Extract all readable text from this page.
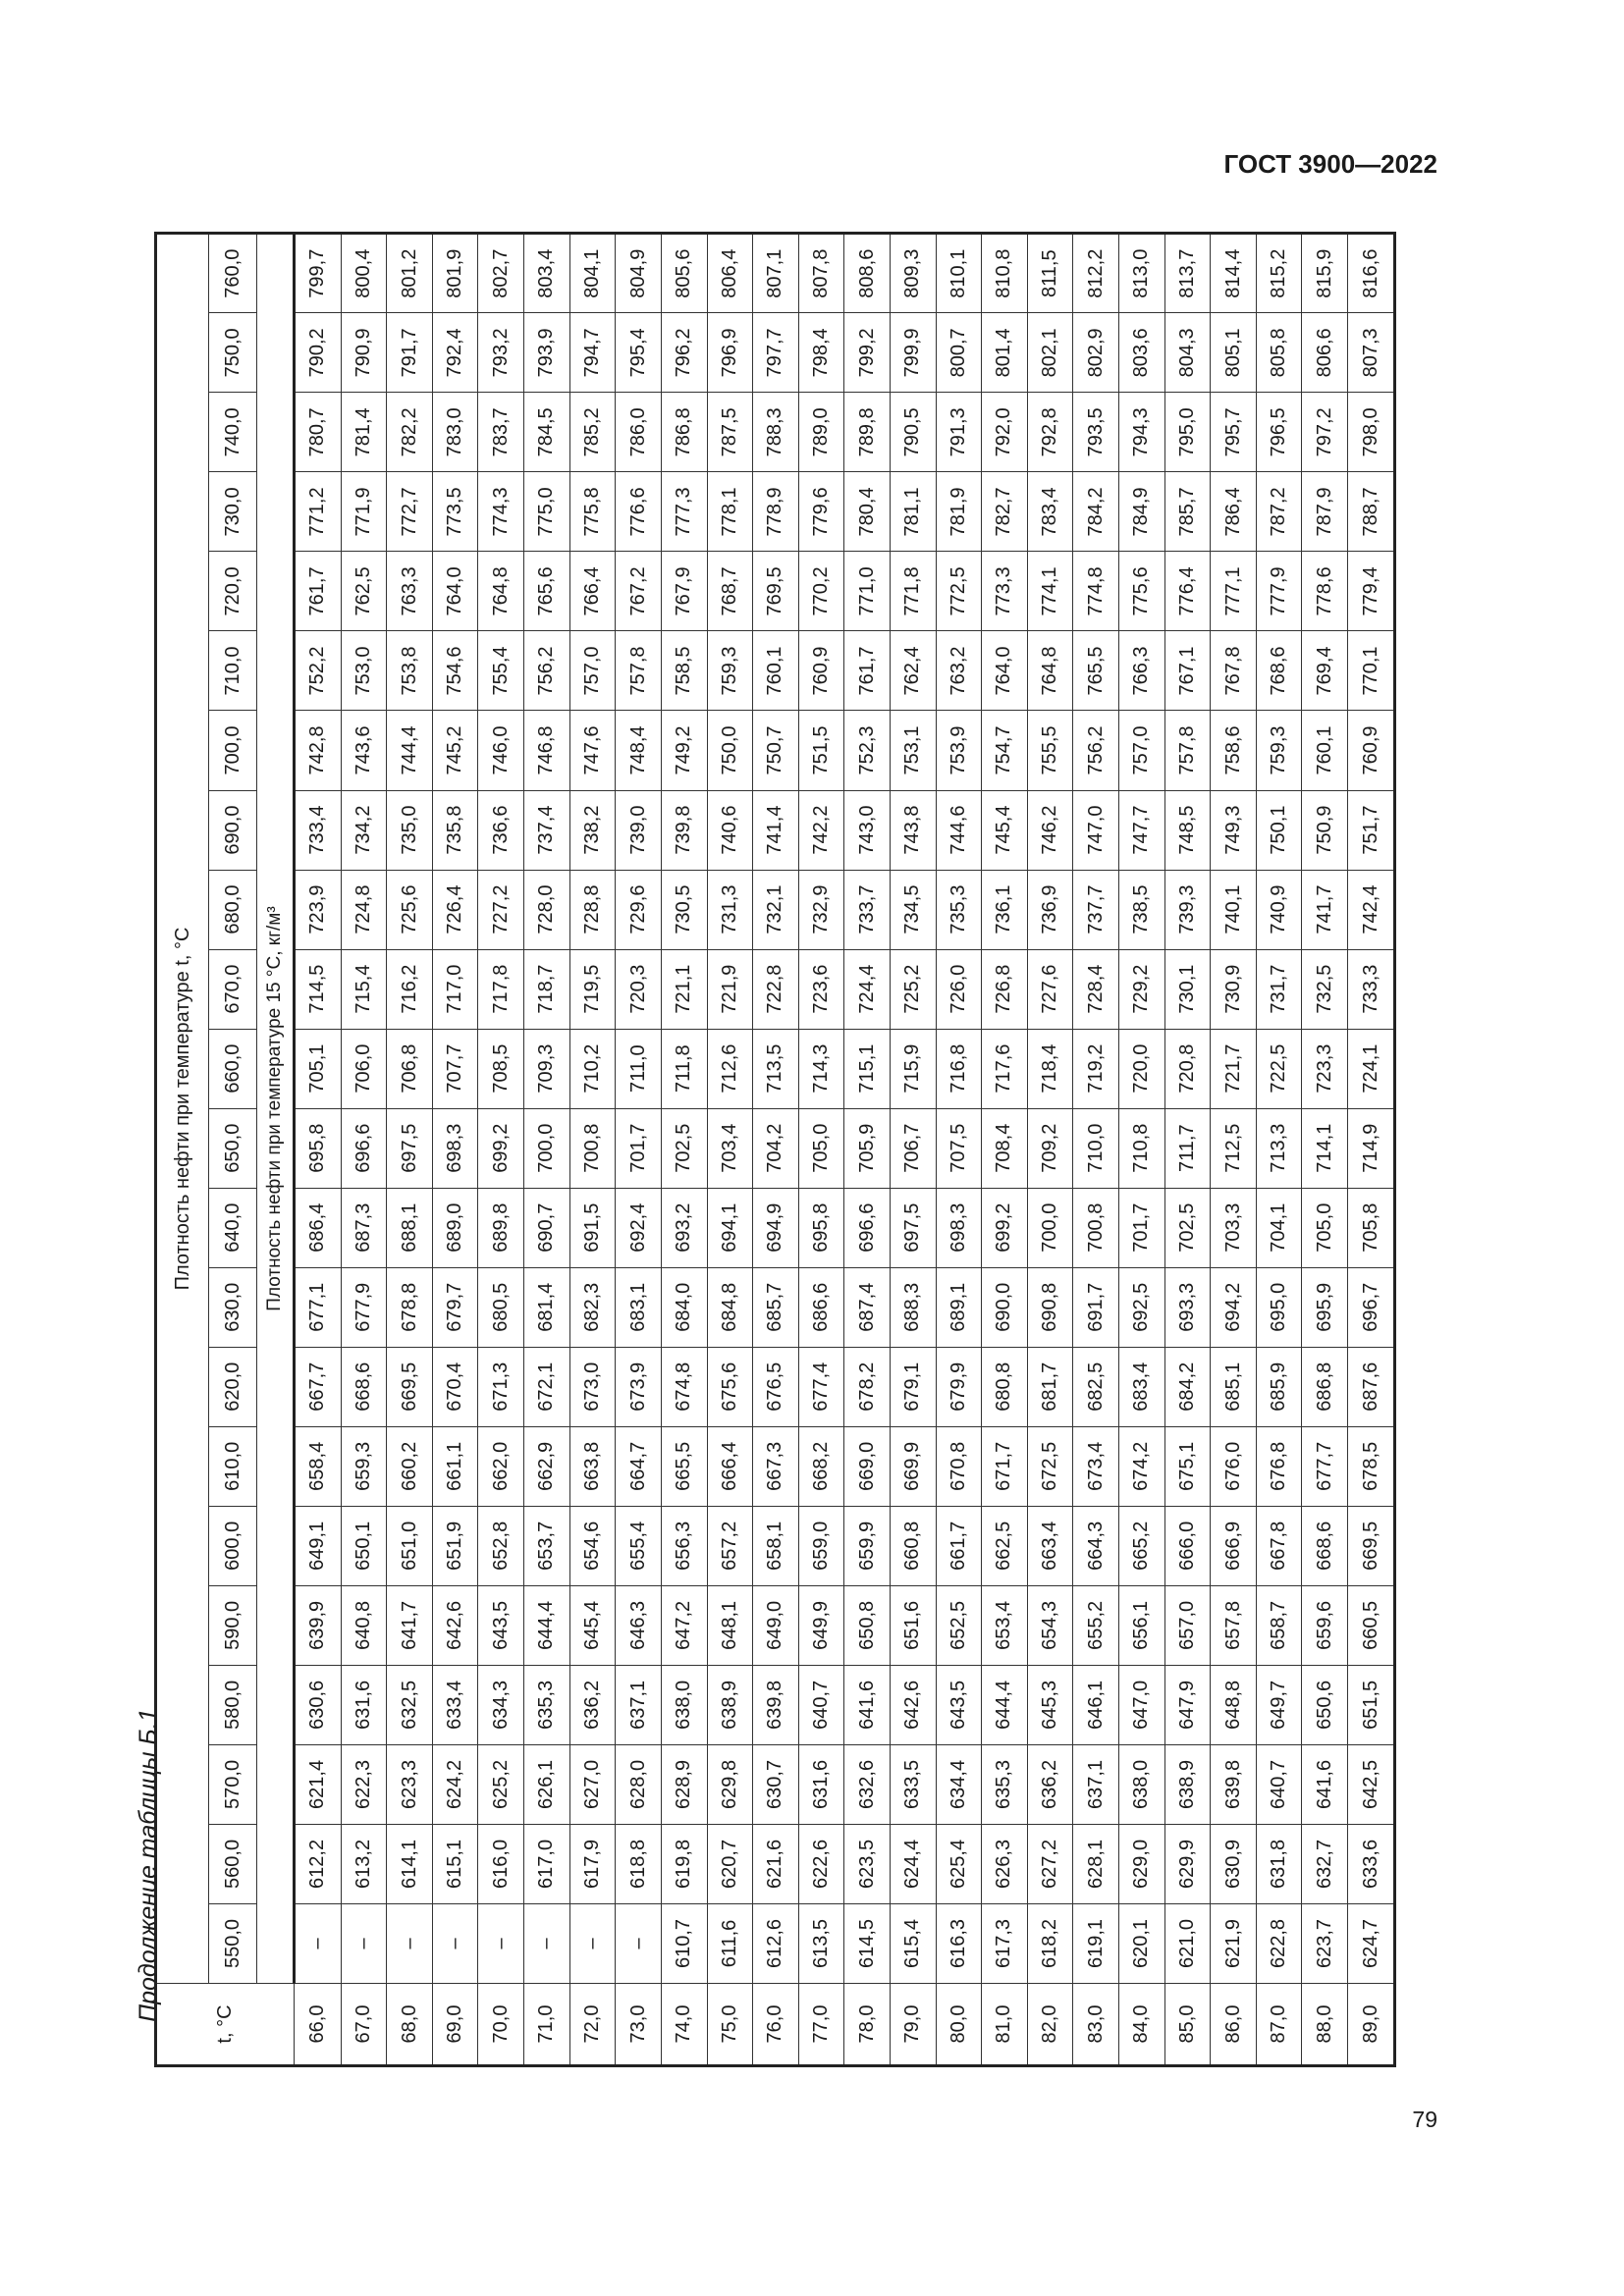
ГОСТ 3900—2022
Продолжение таблицы Б.1
t, °C	Плотность нефти при температуре t, °C																					
	550,0	560,0	570,0	580,0	590,0	600,0	610,0	620,0	630,0	640,0	650,0	660,0	670,0	680,0	690,0	700,0	710,0	720,0	730,0	740,0	750,0	760,0
	Плотность нефти при температуре 15 °C, кг/м³																					
66,0	–	612,2	621,4	630,6	639,9	649,1	658,4	667,7	677,1	686,4	695,8	705,1	714,5	723,9	733,4	742,8	752,2	761,7	771,2	780,7	790,2	799,7
67,0	–	613,2	622,3	631,6	640,8	650,1	659,3	668,6	677,9	687,3	696,6	706,0	715,4	724,8	734,2	743,6	753,0	762,5	771,9	781,4	790,9	800,4
68,0	–	614,1	623,3	632,5	641,7	651,0	660,2	669,5	678,8	688,1	697,5	706,8	716,2	725,6	735,0	744,4	753,8	763,3	772,7	782,2	791,7	801,2
69,0	–	615,1	624,2	633,4	642,6	651,9	661,1	670,4	679,7	689,0	698,3	707,7	717,0	726,4	735,8	745,2	754,6	764,0	773,5	783,0	792,4	801,9
70,0	–	616,0	625,2	634,3	643,5	652,8	662,0	671,3	680,5	689,8	699,2	708,5	717,8	727,2	736,6	746,0	755,4	764,8	774,3	783,7	793,2	802,7
71,0	–	617,0	626,1	635,3	644,4	653,7	662,9	672,1	681,4	690,7	700,0	709,3	718,7	728,0	737,4	746,8	756,2	765,6	775,0	784,5	793,9	803,4
72,0	–	617,9	627,0	636,2	645,4	654,6	663,8	673,0	682,3	691,5	700,8	710,2	719,5	728,8	738,2	747,6	757,0	766,4	775,8	785,2	794,7	804,1
73,0	–	618,8	628,0	637,1	646,3	655,4	664,7	673,9	683,1	692,4	701,7	711,0	720,3	729,6	739,0	748,4	757,8	767,2	776,6	786,0	795,4	804,9
74,0	610,7	619,8	628,9	638,0	647,2	656,3	665,5	674,8	684,0	693,2	702,5	711,8	721,1	730,5	739,8	749,2	758,5	767,9	777,3	786,8	796,2	805,6
75,0	611,6	620,7	629,8	638,9	648,1	657,2	666,4	675,6	684,8	694,1	703,4	712,6	721,9	731,3	740,6	750,0	759,3	768,7	778,1	787,5	796,9	806,4
76,0	612,6	621,6	630,7	639,8	649,0	658,1	667,3	676,5	685,7	694,9	704,2	713,5	722,8	732,1	741,4	750,7	760,1	769,5	778,9	788,3	797,7	807,1
77,0	613,5	622,6	631,6	640,7	649,9	659,0	668,2	677,4	686,6	695,8	705,0	714,3	723,6	732,9	742,2	751,5	760,9	770,2	779,6	789,0	798,4	807,8
78,0	614,5	623,5	632,6	641,6	650,8	659,9	669,0	678,2	687,4	696,6	705,9	715,1	724,4	733,7	743,0	752,3	761,7	771,0	780,4	789,8	799,2	808,6
79,0	615,4	624,4	633,5	642,6	651,6	660,8	669,9	679,1	688,3	697,5	706,7	715,9	725,2	734,5	743,8	753,1	762,4	771,8	781,1	790,5	799,9	809,3
80,0	616,3	625,4	634,4	643,5	652,5	661,7	670,8	679,9	689,1	698,3	707,5	716,8	726,0	735,3	744,6	753,9	763,2	772,5	781,9	791,3	800,7	810,1
81,0	617,3	626,3	635,3	644,4	653,4	662,5	671,7	680,8	690,0	699,2	708,4	717,6	726,8	736,1	745,4	754,7	764,0	773,3	782,7	792,0	801,4	810,8
82,0	618,2	627,2	636,2	645,3	654,3	663,4	672,5	681,7	690,8	700,0	709,2	718,4	727,6	736,9	746,2	755,5	764,8	774,1	783,4	792,8	802,1	811,5
83,0	619,1	628,1	637,1	646,1	655,2	664,3	673,4	682,5	691,7	700,8	710,0	719,2	728,4	737,7	747,0	756,2	765,5	774,8	784,2	793,5	802,9	812,2
84,0	620,1	629,0	638,0	647,0	656,1	665,2	674,2	683,4	692,5	701,7	710,8	720,0	729,2	738,5	747,7	757,0	766,3	775,6	784,9	794,3	803,6	813,0
85,0	621,0	629,9	638,9	647,9	657,0	666,0	675,1	684,2	693,3	702,5	711,7	720,8	730,1	739,3	748,5	757,8	767,1	776,4	785,7	795,0	804,3	813,7
86,0	621,9	630,9	639,8	648,8	657,8	666,9	676,0	685,1	694,2	703,3	712,5	721,7	730,9	740,1	749,3	758,6	767,8	777,1	786,4	795,7	805,1	814,4
87,0	622,8	631,8	640,7	649,7	658,7	667,8	676,8	685,9	695,0	704,1	713,3	722,5	731,7	740,9	750,1	759,3	768,6	777,9	787,2	796,5	805,8	815,2
88,0	623,7	632,7	641,6	650,6	659,6	668,6	677,7	686,8	695,9	705,0	714,1	723,3	732,5	741,7	750,9	760,1	769,4	778,6	787,9	797,2	806,6	815,9
89,0	624,7	633,6	642,5	651,5	660,5	669,5	678,5	687,6	696,7	705,8	714,9	724,1	733,3	742,4	751,7	760,9	770,1	779,4	788,7	798,0	807,3	816,6
79
